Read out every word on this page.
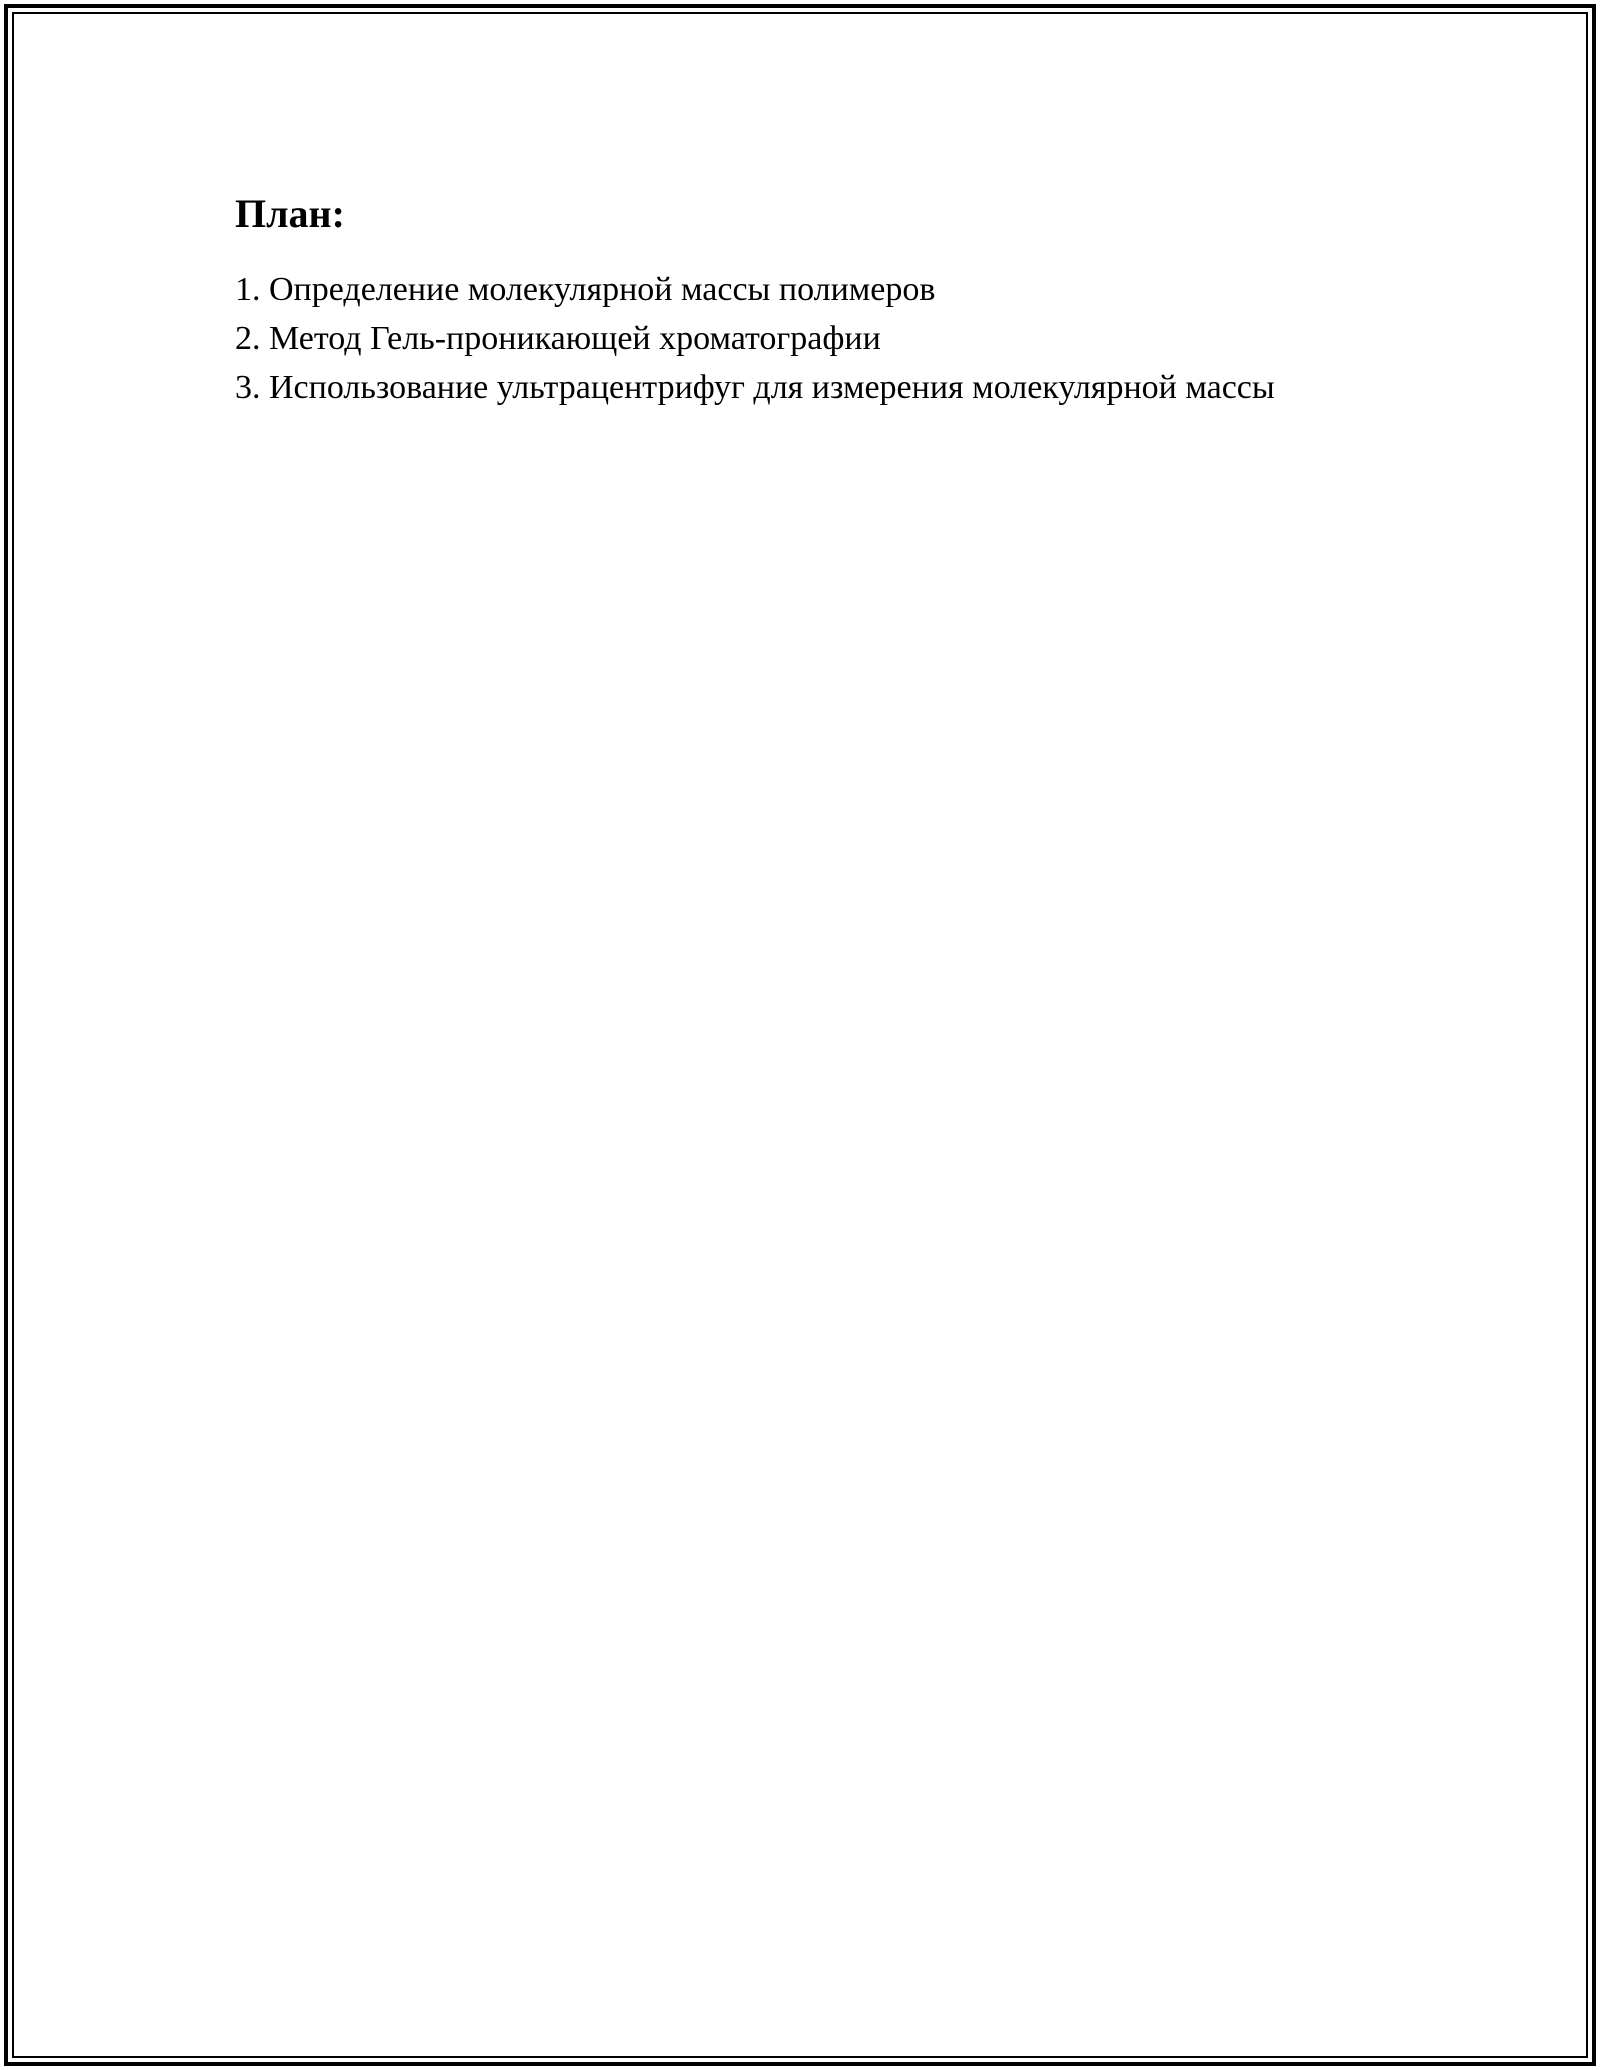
План:
1. Определение молекулярной массы полимеров
2. Метод Гель-проникающей хроматографии
3. Использование ультрацентрифуг для измерения молекулярной массы
